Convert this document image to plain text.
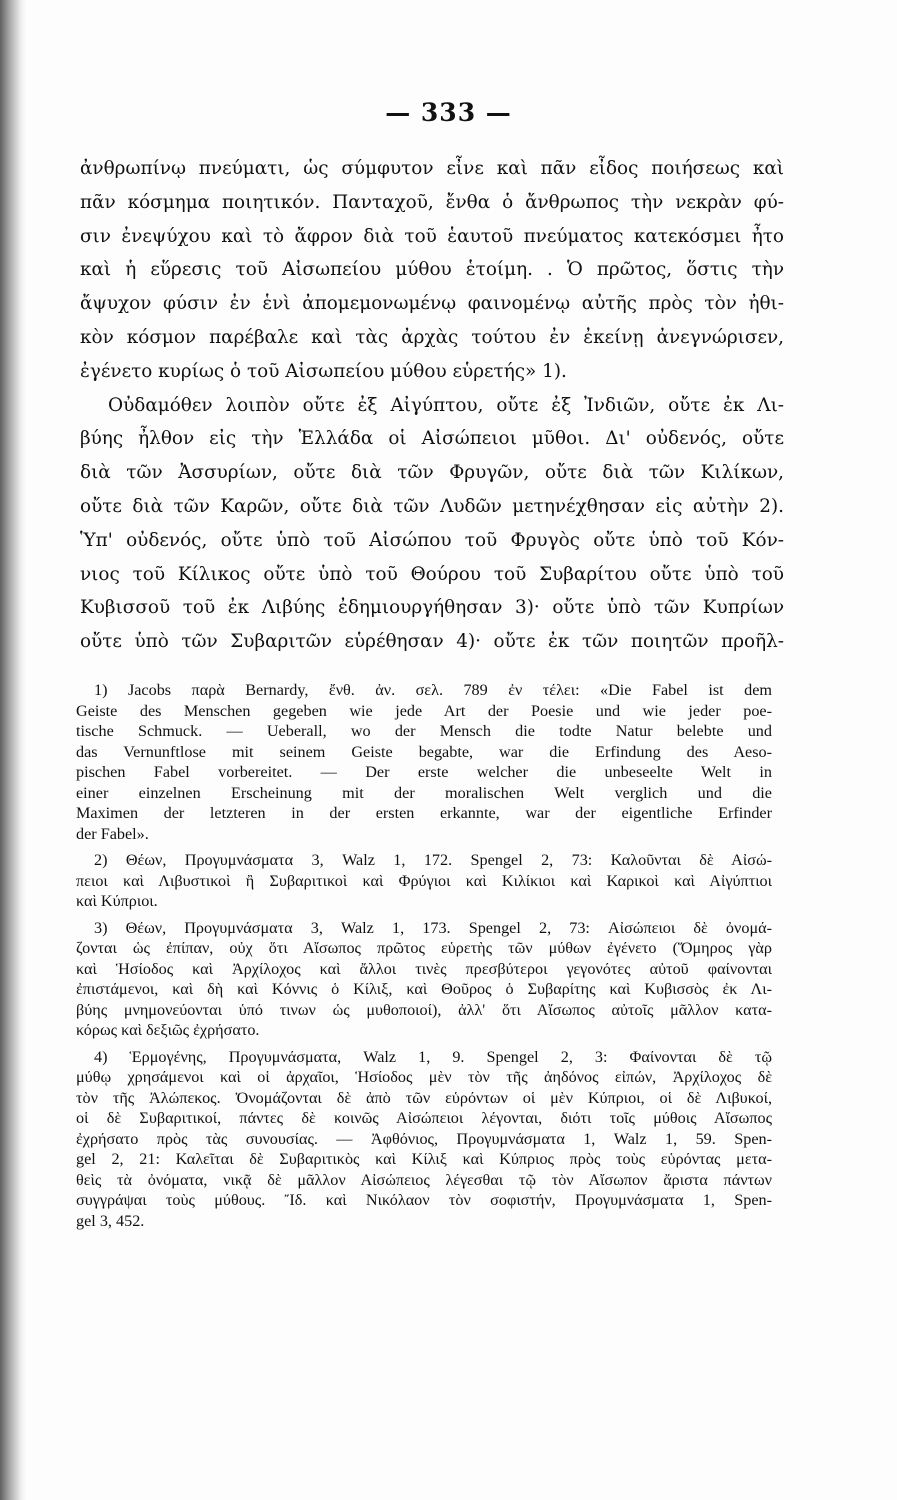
— 333 —
ἀνθρωπίνῳ πνεύματι, ὡς σύμφυτον εἶνε καὶ πᾶν εἶδος ποιήσεως καὶ
πᾶν κόσμημα ποιητικόν. Πανταχοῦ, ἔνθα ὁ ἄνθρωπος τὴν νεκρὰν φύ-
σιν ἐνεψύχου καὶ τὸ ἄφρον διὰ τοῦ ἑαυτοῦ πνεύματος κατεκόσμει ἦτο
καὶ ἡ εὕρεσις τοῦ Αἰσωπείου μύθου ἑτοίμη. . Ὁ πρῶτος, ὅστις τὴν
ἄψυχον φύσιν ἐν ἑνὶ ἀπομεμονωμένῳ φαινομένῳ αὐτῆς πρὸς τὸν ἠθι-
κὸν κόσμον παρέβαλε καὶ τὰς ἀρχὰς τούτου ἐν ἐκείνῃ ἀνεγνώρισεν,
ἐγένετο κυρίως ὁ τοῦ Αἰσωπείου μύθου εὑρετής» 1).
Οὐδαμόθεν λοιπὸν οὔτε ἐξ Αἰγύπτου, οὔτε ἐξ Ἰνδιῶν, οὔτε ἐκ Λι-
βύης ἦλθον εἰς τὴν Ἑλλάδα οἱ Αἰσώπειοι μῦθοι. Δι' οὐδενός, οὔτε
διὰ τῶν Ἀσσυρίων, οὔτε διὰ τῶν Φρυγῶν, οὔτε διὰ τῶν Κιλίκων,
οὔτε διὰ τῶν Καρῶν, οὔτε διὰ τῶν Λυδῶν μετηνέχθησαν εἰς αὐτὴν 2).
Ὑπ' οὐδενός, οὔτε ὑπὸ τοῦ Αἰσώπου τοῦ Φρυγὸς οὔτε ὑπὸ τοῦ Κόν-
νιος τοῦ Κίλικος οὔτε ὑπὸ τοῦ Θούρου τοῦ Συβαρίτου οὔτε ὑπὸ τοῦ
Κυβισσοῦ τοῦ ἐκ Λιβύης ἐδημιουργήθησαν 3)· οὔτε ὑπὸ τῶν Κυπρίων
οὔτε ὑπὸ τῶν Συβαριτῶν εὑρέθησαν 4)· οὔτε ἐκ τῶν ποιητῶν προῆλ-
1) Jacobs παρὰ Bernardy, ἔνθ. ἀν. σελ. 789 ἐν τέλει: «Die Fabel ist dem
Geiste des Menschen gegeben wie jede Art der Poesie und wie jeder poe-
tische Schmuck. — Ueberall, wo der Mensch die todte Natur belebte und
das Vernunftlose mit seinem Geiste begabte, war die Erfindung des Aeso-
pischen Fabel vorbereitet. — Der erste welcher die unbeseelte Welt in
einer einzelnen Erscheinung mit der moralischen Welt verglich und die
Maximen der letzteren in der ersten erkannte, war der eigentliche Erfinder
der Fabel».
2) Θέων, Προγυμνάσματα 3, Walz 1, 172. Spengel 2, 73: Καλοῦνται δὲ Αἰσώ-
πειοι καὶ Λιβυστικοὶ ἢ Συβαριτικοὶ καὶ Φρύγιοι καὶ Κιλίκιοι καὶ Καρικοὶ καὶ Αἰγύπτιοι
καὶ Κύπριοι.
3) Θέων, Προγυμνάσματα 3, Walz 1, 173. Spengel 2, 73: Αἰσώπειοι δὲ ὀνομά-
ζονται ὡς ἐπίπαν, οὐχ ὅτι Αἴσωπος πρῶτος εὑρετὴς τῶν μύθων ἐγένετο (Ὅμηρος γὰρ
καὶ Ἡσίοδος καὶ Ἀρχίλοχος καὶ ἄλλοι τινὲς πρεσβύτεροι γεγονότες αὐτοῦ φαίνονται
ἐπιστάμενοι, καὶ δὴ καὶ Κόννις ὁ Κίλιξ, καὶ Θοῦρος ὁ Συβαρίτης καὶ Κυβισσὸς ἐκ Λι-
βύης μνημονεύονται ὑπό τινων ὡς μυθοποιοί), ἀλλ' ὅτι Αἴσωπος αὐτοῖς μᾶλλον κατα-
κόρως καὶ δεξιῶς ἐχρήσατο.
4) Ἑρμογένης, Προγυμνάσματα, Walz 1, 9. Spengel 2, 3: Φαίνονται δὲ τῷ
μύθῳ χρησάμενοι καὶ οἱ ἀρχαῖοι, Ἡσίοδος μὲν τὸν τῆς ἀηδόνος εἰπών, Ἀρχίλοχος δὲ
τὸν τῆς Ἀλώπεκος. Ὀνομάζονται δὲ ἀπὸ τῶν εὑρόντων οἱ μὲν Κύπριοι, οἱ δὲ Λιβυκοί,
οἱ δὲ Συβαριτικοί, πάντες δὲ κοινῶς Αἰσώπειοι λέγονται, διότι τοῖς μύθοις Αἴσωπος
ἐχρήσατο πρὸς τὰς συνουσίας. — Ἀφθόνιος, Προγυμνάσματα 1, Walz 1, 59. Spen-
gel 2, 21: Καλεῖται δὲ Συβαριτικὸς καὶ Κίλιξ καὶ Κύπριος πρὸς τοὺς εὑρόντας μετα-
θεὶς τὰ ὀνόματα, νικᾷ δὲ μᾶλλον Αἰσώπειος λέγεσθαι τῷ τὸν Αἴσωπον ἄριστα πάντων
συγγράψαι τοὺς μύθους. Ἴδ. καὶ Νικόλαον τὸν σοφιστήν, Προγυμνάσματα 1, Spen-
gel 3, 452.
